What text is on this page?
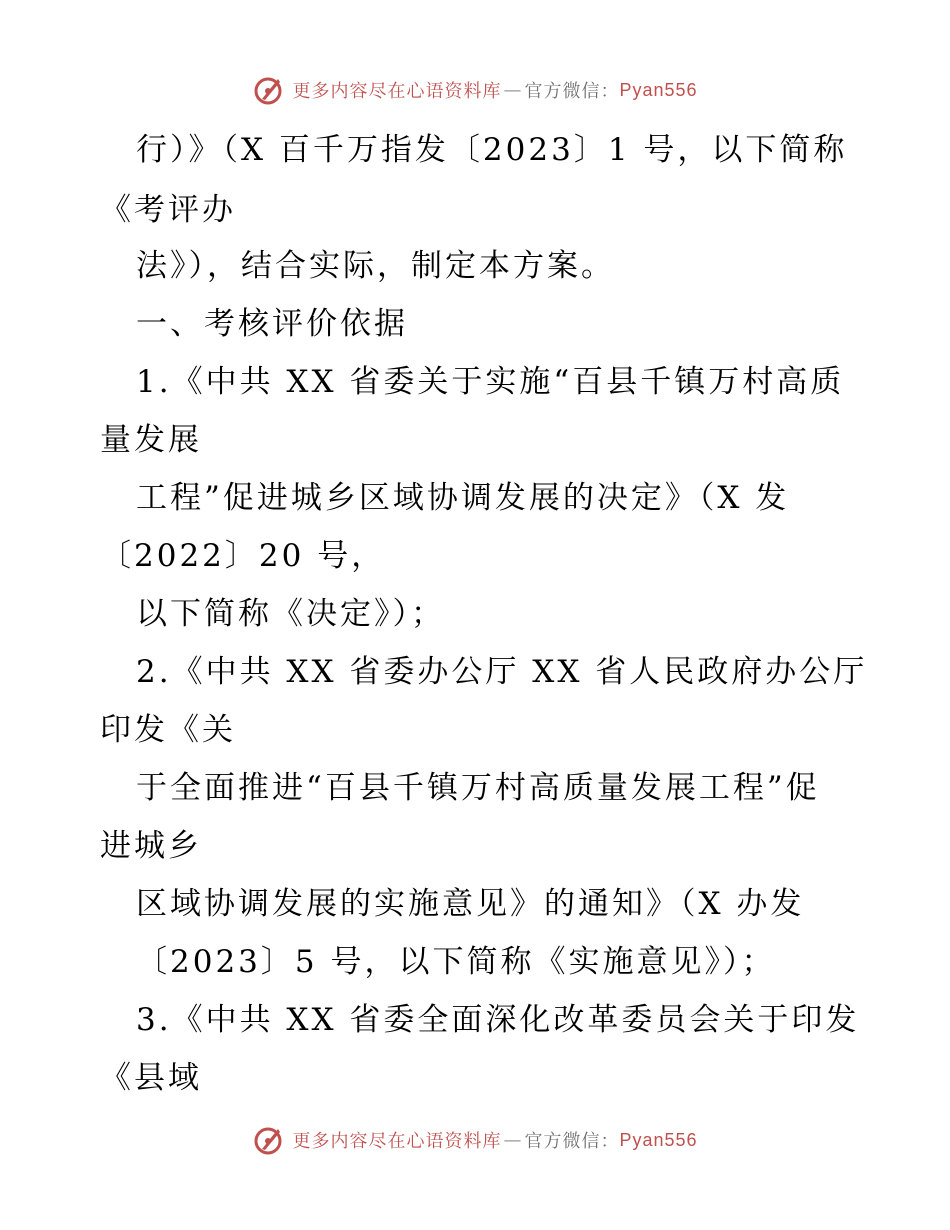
更多内容尽在心语资料库 — 官方微信： Pyan556
行）》（X 百千万指发〔2023〕1 号，以下简称
《考评办
法》），结合实际，制定本方案。
一、考核评价依据
1.《中共 XX 省委关于实施“百县千镇万村高质
量发展
工程”促进城乡区域协调发展的决定》（X 发
〔2022〕20 号，
以下简称《决定》）；
2.《中共 XX 省委办公厅 XX 省人民政府办公厅
印发《关
于全面推进“百县千镇万村高质量发展工程”促
进城乡
区域协调发展的实施意见》的通知》（X 办发
〔2023〕5 号，以下简称《实施意见》）；
3.《中共 XX 省委全面深化改革委员会关于印发
《县域
更多内容尽在心语资料库 — 官方微信： Pyan556
